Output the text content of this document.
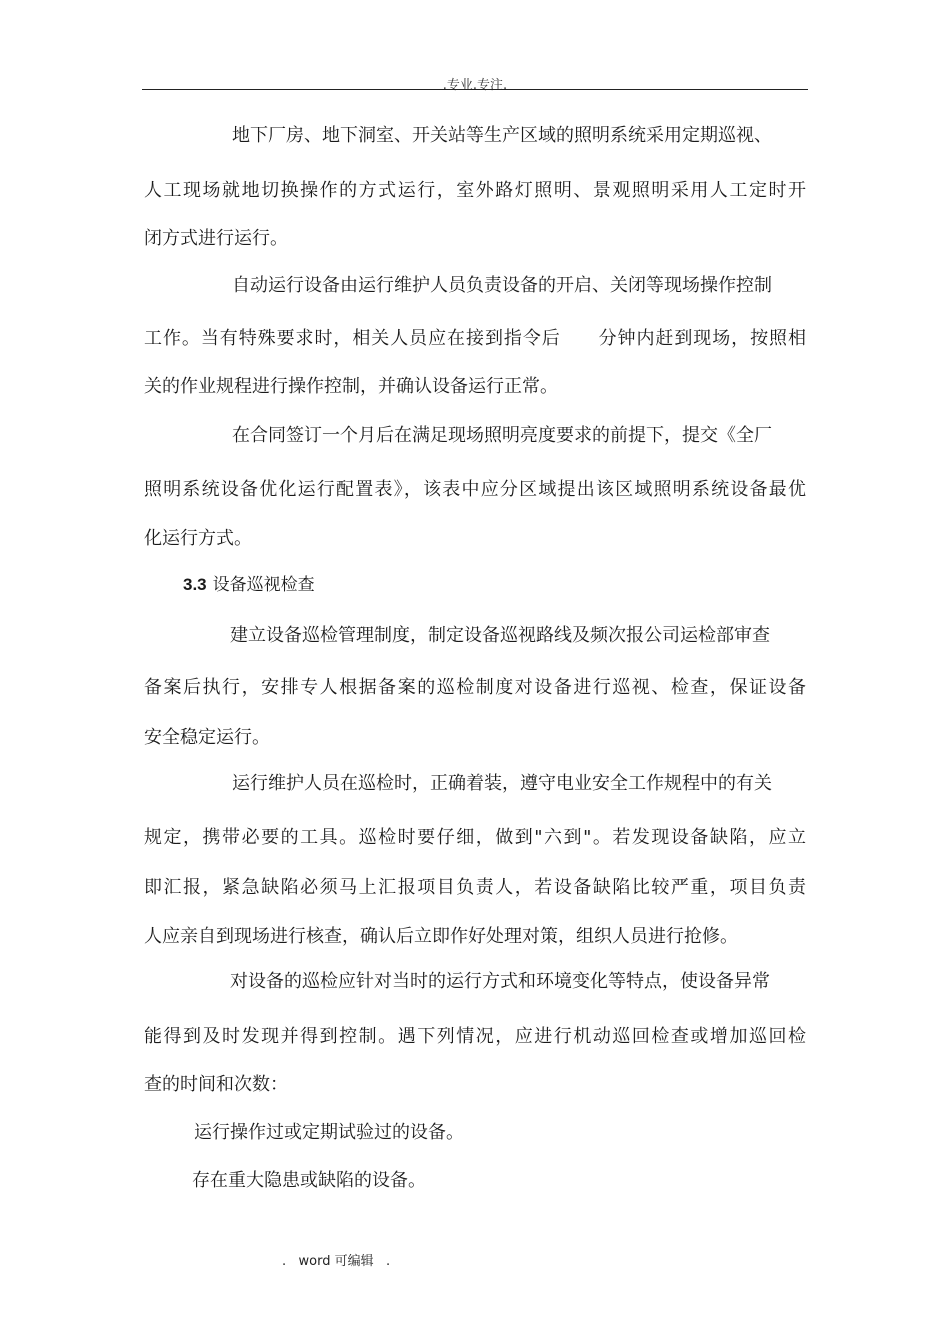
.专业.专注.
地下厂房、地下洞室、开关站等生产区域的照明系统采用定期巡视、
人工现场就地切换操作的方式运行，室外路灯照明、景观照明采用人工定时开
闭方式进行运行。
自动运行设备由运行维护人员负责设备的开启、关闭等现场操作控制
工作。当有特殊要求时，相关人员应在接到指令后　　分钟内赶到现场，按照相
关的作业规程进行操作控制，并确认设备运行正常。
在合同签订一个月后在满足现场照明亮度要求的前提下，提交《全厂
照明系统设备优化运行配置表》，该表中应分区域提出该区域照明系统设备最优
化运行方式。
3.3 设备巡视检查
建立设备巡检管理制度，制定设备巡视路线及频次报公司运检部审查
备案后执行，安排专人根据备案的巡检制度对设备进行巡视、检查，保证设备
安全稳定运行。
运行维护人员在巡检时，正确着装，遵守电业安全工作规程中的有关
规定，携带必要的工具。巡检时要仔细，做到"六到"。若发现设备缺陷，应立
即汇报，紧急缺陷必须马上汇报项目负责人，若设备缺陷比较严重，项目负责
人应亲自到现场进行核查，确认后立即作好处理对策，组织人员进行抢修。
对设备的巡检应针对当时的运行方式和环境变化等特点，使设备异常
能得到及时发现并得到控制。遇下列情况，应进行机动巡回检查或增加巡回检
查的时间和次数：
运行操作过或定期试验过的设备。
存在重大隐患或缺陷的设备。
.   word 可编辑   .
